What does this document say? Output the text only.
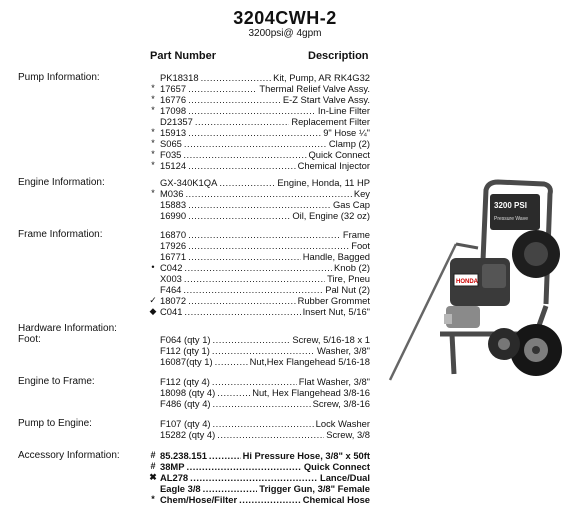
3204CWH-2
3200psi@ 4gpm
Part Number	Description
Pump Information:	PK18318 .....	Kit, Pump, AR RK4G32
* 17657 .....	Thermal Relief Valve Assy.
* 16776 .....	E-Z Start Valve Assy.
* 17098 .....	In-Line Filter
D21357 .....	Replacement Filter
* 15913 .....	9" Hose ¼"
* S065 .....	Clamp (2)
* F035 .....	Quick Connect
* 15124 .....	Chemical Injector
Engine Information:	GX-340K1QA .....	Engine, Honda, 11 HP
* M036 .....	Key
15883 .....	Gas Cap
16990 .....	Oil, Engine (32 oz)
Frame Information:	16870 .....	Frame
17926 .....	Foot
16771 .....	Handle, Bagged
• C042 .....	Knob (2)
X003 .....	Tire, Pneu
F464 .....	Pal Nut (2)
✓ 18072 .....	Rubber Grommet
◆ C041 .....	Insert Nut, 5/16"
Hardware Information:
Foot:	F064 (qty 1) .....	Screw, 5/16-18 x 1
F112 (qty 1) .....	Washer, 3/8"
16087(qty 1) .....	Nut,Hex Flangehead 5/16-18
Engine to Frame:	F112 (qty 4) .....	Flat Washer, 3/8"
18098 (qty 4) .....	Nut, Hex Flangehead 3/8-16
F486 (qty 4) .....	Screw, 3/8-16
Pump to Engine:	F107 (qty 4) .....	Lock Washer
15282 (qty 4) .....	Screw, 3/8
Accessory Information:	# 85.238.151 .....	Hi Pressure Hose, 3/8" x 50ft
# 38MP .....	Quick Connect
✖ AL278 .....	Lance/Dual
Eagle 3/8 .....	Trigger Gun, 3/8" Female
* Chem/Hose/Filter .....	Chemical Hose
3200 PSI
Pressure Wave
HONDA
